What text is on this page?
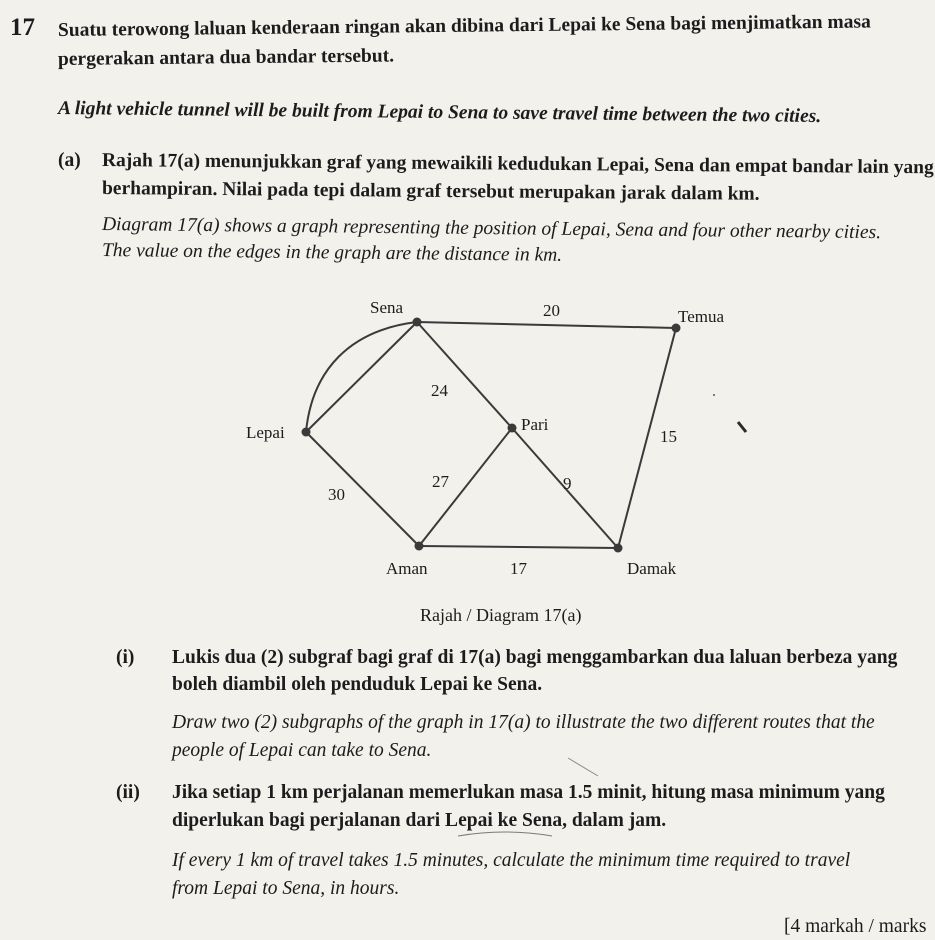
17 Suatu terowong laluan kenderaan ringan akan dibina dari Lepai ke Sena bagi menjimatkan masa
pergerakan antara dua bandar tersebut.
A light vehicle tunnel will be built from Lepai to Sena to save travel time between the two cities.
(a) Rajah 17(a) menunjukkan graf yang mewaikili kedudukan Lepai, Sena dan empat bandar lain yang
berhampiran. Nilai pada tepi dalam graf tersebut merupakan jarak dalam km.
Diagram 17(a) shows a graph representing the position of Lepai, Sena and four other nearby cities.
The value on the edges in the graph are the distance in km.
Sena	Temua
Lepai	Pari
Aman	Damak
20
24
15
27	9
30
17
Rajah / Diagram 17(a)
(i) Lukis dua (2) subgraf bagi graf di 17(a) bagi menggambarkan dua laluan berbeza yang
boleh diambil oleh penduduk Lepai ke Sena.
Draw two (2) subgraphs of the graph in 17(a) to illustrate the two different routes that the
people of Lepai can take to Sena.
(ii) Jika setiap 1 km perjalanan memerlukan masa 1.5 minit, hitung masa minimum yang
diperlukan bagi perjalanan dari Lepai ke Sena, dalam jam.
If every 1 km of travel takes 1.5 minutes, calculate the minimum time required to travel
from Lepai to Sena, in hours.
[4 markah / marks
